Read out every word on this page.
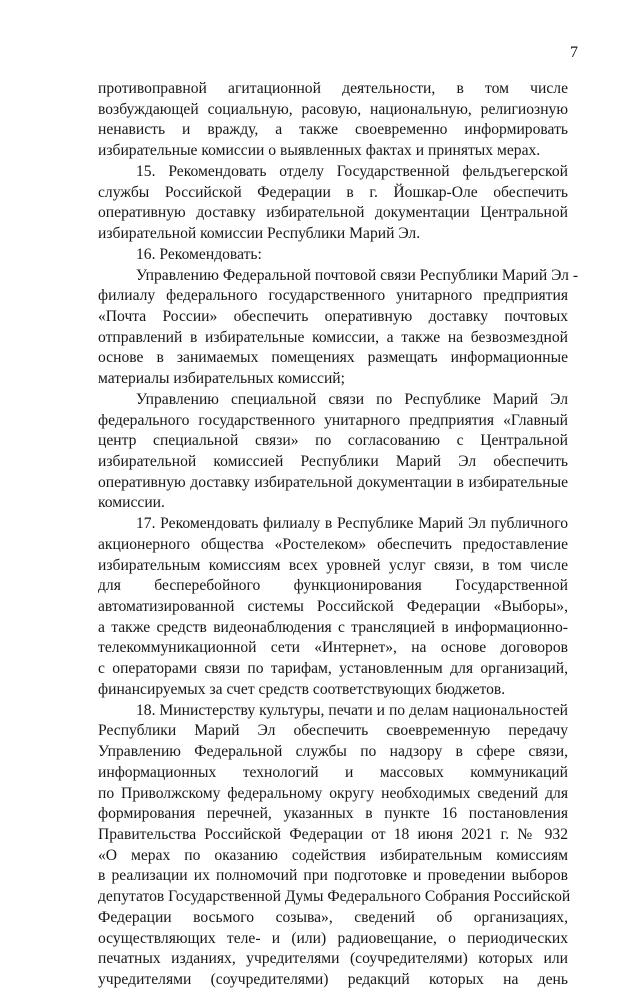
7
противоправной агитационной деятельности, в том числе
возбуждающей социальную, расовую, национальную, религиозную
ненависть и вражду, а также своевременно информировать
избирательные комиссии о выявленных фактах и принятых мерах.
15. Рекомендовать отделу Государственной фельдъегерской
службы Российской Федерации в г. Йошкар-Оле обеспечить
оперативную доставку избирательной документации Центральной
избирательной комиссии Республики Марий Эл.
16. Рекомендовать:
Управлению Федеральной почтовой связи Республики Марий Эл -
филиалу федерального государственного унитарного предприятия
«Почта России» обеспечить оперативную доставку почтовых
отправлений в избирательные комиссии, а также на безвозмездной
основе в занимаемых помещениях размещать информационные
материалы избирательных комиссий;
Управлению специальной связи по Республике Марий Эл
федерального государственного унитарного предприятия «Главный
центр специальной связи» по согласованию с Центральной
избирательной комиссией Республики Марий Эл обеспечить
оперативную доставку избирательной документации в избирательные
комиссии.
17. Рекомендовать филиалу в Республике Марий Эл публичного
акционерного общества «Ростелеком» обеспечить предоставление
избирательным комиссиям всех уровней услуг связи, в том числе
для бесперебойного функционирования Государственной
автоматизированной системы Российской Федерации «Выборы»,
а также средств видеонаблюдения с трансляцией в информационно-
телекоммуникационной сети «Интернет», на основе договоров
с операторами связи по тарифам, установленным для организаций,
финансируемых за счет средств соответствующих бюджетов.
18. Министерству культуры, печати и по делам национальностей
Республики Марий Эл обеспечить своевременную передачу
Управлению Федеральной службы по надзору в сфере связи,
информационных технологий и массовых коммуникаций
по Приволжскому федеральному округу необходимых сведений для
формирования перечней, указанных в пункте 16 постановления
Правительства Российской Федерации от 18 июня 2021 г. № 932
«О мерах по оказанию содействия избирательным комиссиям
в реализации их полномочий при подготовке и проведении выборов
депутатов Государственной Думы Федерального Собрания Российской
Федерации восьмого созыва», сведений об организациях,
осуществляющих теле- и (или) радиовещание, о периодических
печатных изданиях, учредителями (соучредителями) которых или
учредителями (соучредителями) редакций которых на день
